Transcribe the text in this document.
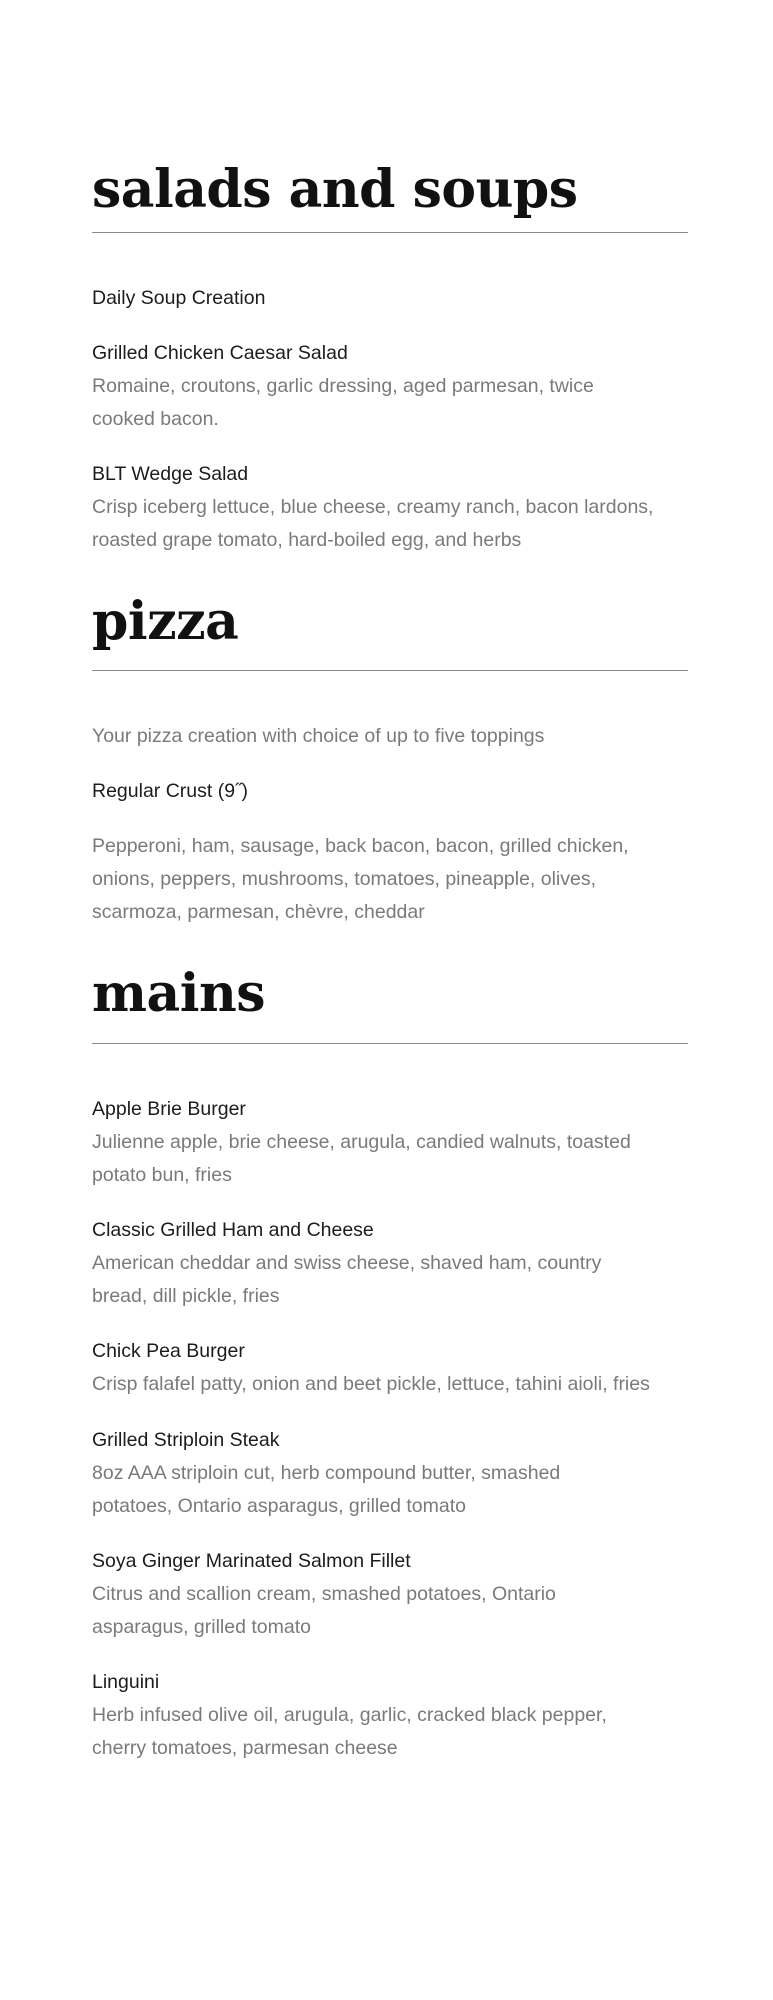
salads and soups
Daily Soup Creation
Grilled Chicken Caesar Salad
Romaine, croutons, garlic dressing, aged parmesan, twice
cooked bacon.
BLT Wedge Salad
Crisp iceberg lettuce, blue cheese, creamy ranch, bacon lardons,
roasted grape tomato, hard-boiled egg, and herbs
pizza
Your pizza creation with choice of up to five toppings
Regular Crust (9˝)
Pepperoni, ham, sausage, back bacon, bacon, grilled chicken,
onions, peppers, mushrooms, tomatoes, pineapple, olives,
scarmoza, parmesan, chèvre, cheddar
mains
Apple Brie Burger
Julienne apple, brie cheese, arugula, candied walnuts, toasted
potato bun, fries
Classic Grilled Ham and Cheese
American cheddar and swiss cheese, shaved ham, country
bread, dill pickle, fries
Chick Pea Burger
Crisp falafel patty, onion and beet pickle, lettuce, tahini aioli, fries
Grilled Striploin Steak
8oz AAA striploin cut, herb compound butter, smashed
potatoes, Ontario asparagus, grilled tomato
Soya Ginger Marinated Salmon Fillet
Citrus and scallion cream, smashed potatoes, Ontario
asparagus, grilled tomato
Linguini
Herb infused olive oil, arugula, garlic, cracked black pepper,
cherry tomatoes, parmesan cheese
